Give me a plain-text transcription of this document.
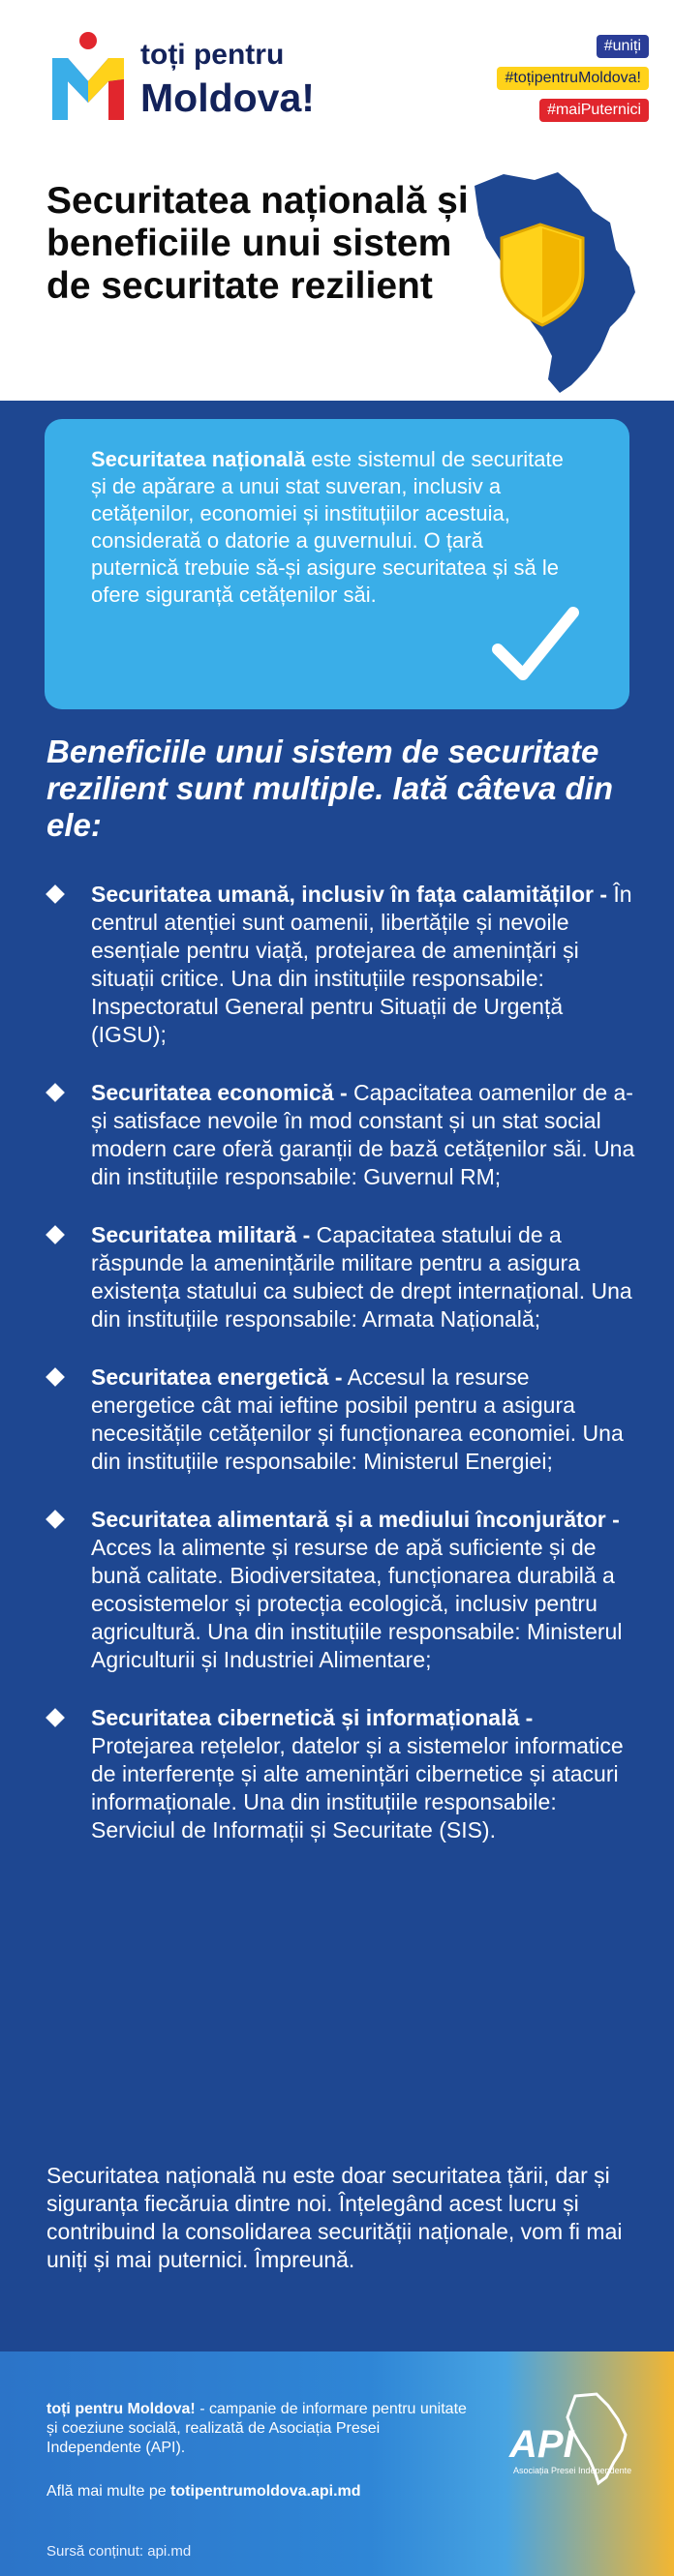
toți pentru
Moldova!
#uniți
#toțipentruMoldova!
#maiPuternici
Securitatea națională și beneficiile unui sistem de securitate rezilient
Securitatea națională este sistemul de securitate și de apărare a unui stat suveran, inclusiv a cetățenilor, economiei și instituțiilor acestuia, considerată o datorie a guvernului. O țară puternică trebuie să-și asigure securitatea și să le ofere siguranță cetățenilor săi.
Beneficiile unui sistem de securitate rezilient sunt multiple. Iată câteva din ele:
Securitatea umană, inclusiv în fața calamităților - În centrul atenției sunt oamenii, libertățile și nevoile esențiale pentru viață, protejarea de amenințări și situații critice. Una din instituțiile responsabile: Inspectoratul General pentru Situații de Urgență (IGSU);
Securitatea economică - Capacitatea oamenilor de a-și satisface nevoile în mod constant și un stat social modern care oferă garanții de bază cetățenilor săi. Una din instituțiile responsabile: Guvernul RM;
Securitatea militară - Capacitatea statului de a răspunde la amenințările militare pentru a asigura existența statului ca subiect de drept internațional. Una din instituțiile responsabile: Armata Națională;
Securitatea energetică - Accesul la resurse energetice cât mai ieftine posibil pentru a asigura necesitățile cetățenilor și funcționarea economiei. Una din instituțiile responsabile: Ministerul Energiei;
Securitatea alimentară și a mediului înconjurător - Acces la alimente și resurse de apă suficiente și de bună calitate. Biodiversitatea, funcționarea durabilă a ecosistemelor și protecția ecologică, inclusiv pentru agricultură. Una din instituțiile responsabile: Ministerul Agriculturii și Industriei Alimentare;
Securitatea cibernetică și informațională - Protejarea rețelelor, datelor și a sistemelor informatice de interferențe și alte amenințări cibernetice și atacuri informaționale. Una din instituțiile responsabile: Serviciul de Informații și Securitate (SIS).
Securitatea națională nu este doar securitatea țării, dar și siguranța fiecăruia dintre noi. Înțelegând acest lucru și contribuind la consolidarea securității naționale, vom fi mai uniți și mai puternici. Împreună.
toți pentru Moldova! - campanie de informare pentru unitate și coeziune socială, realizată de Asociația Presei Independente (API).
Află mai multe pe totipentrumoldova.api.md
Sursă conținut: api.md
API
Asociația Presei Independente
